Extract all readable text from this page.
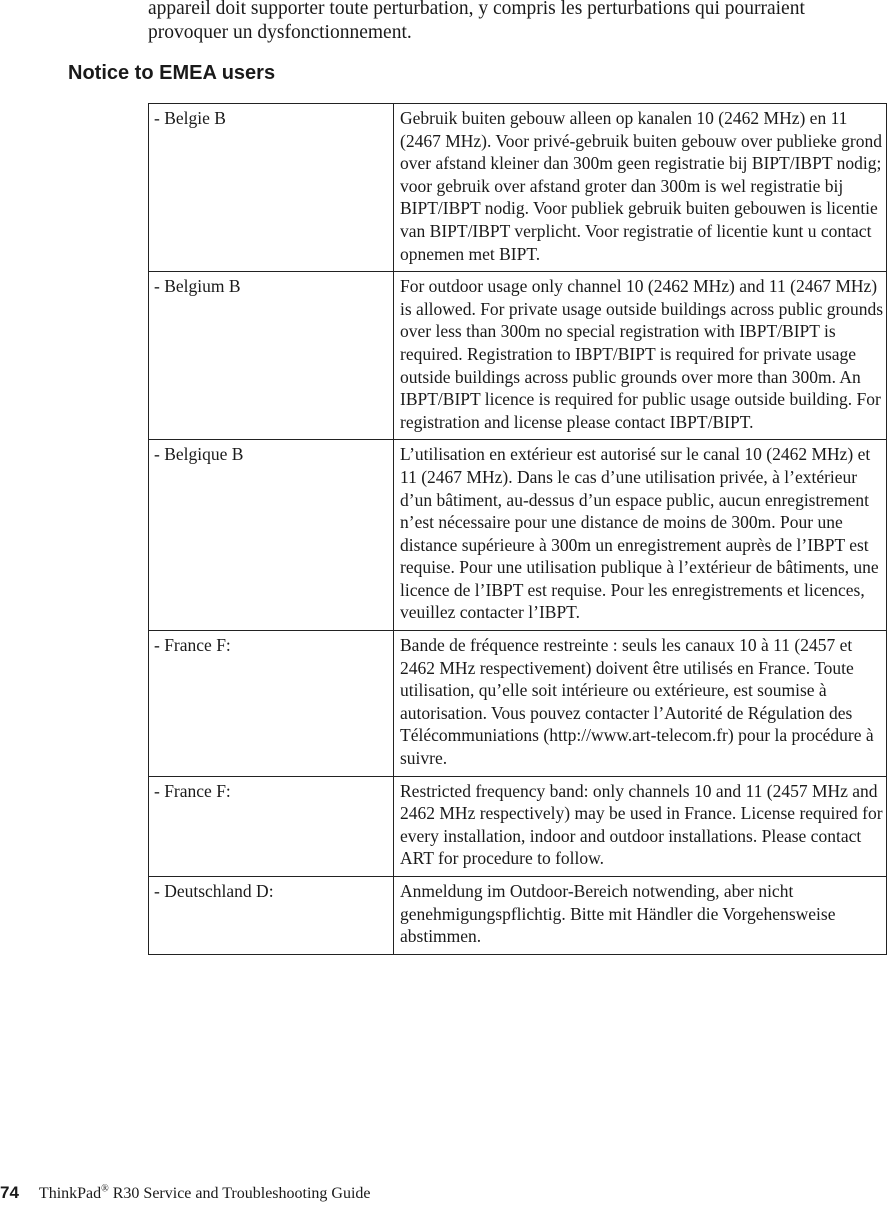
appareil doit supporter toute perturbation, y compris les perturbations qui pourraient provoquer un dysfonctionnement.

Notice to EMEA users
- Belgie B	Gebruik buiten gebouw alleen op kanalen 10 (2462 MHz) en 11 (2467 MHz). Voor privé-gebruik buiten gebouw over publieke grond over afstand kleiner dan 300m geen registratie bij BIPT/IBPT nodig; voor gebruik over afstand groter dan 300m is wel registratie bij BIPT/IBPT nodig. Voor publiek gebruik buiten gebouwen is licentie van BIPT/IBPT verplicht. Voor registratie of licentie kunt u contact opnemen met BIPT.
- Belgium B	For outdoor usage only channel 10 (2462 MHz) and 11 (2467 MHz) is allowed. For private usage outside buildings across public grounds over less than 300m no special registration with IBPT/BIPT is required. Registration to IBPT/BIPT is required for private usage outside buildings across public grounds over more than 300m. An IBPT/BIPT licence is required for public usage outside building. For registration and license please contact IBPT/BIPT.
- Belgique B	L’utilisation en extérieur est autorisé sur le canal 10 (2462 MHz) et 11 (2467 MHz). Dans le cas d’une utilisation privée, à l’extérieur d’un bâtiment, au-dessus d’un espace public, aucun enregistrement n’est nécessaire pour une distance de moins de 300m. Pour une distance supérieure à 300m un enregistrement auprès de l’IBPT est requise. Pour une utilisation publique à l’extérieur de bâtiments, une licence de l’IBPT est requise. Pour les enregistrements et licences, veuillez contacter l’IBPT.
- France F:	Bande de fréquence restreinte : seuls les canaux 10 à 11 (2457 et 2462 MHz respectivement) doivent être utilisés en France. Toute utilisation, qu’elle soit intérieure ou extérieure, est soumise à autorisation. Vous pouvez contacter l’Autorité de Régulation des Télécommuniations (http://www.art-telecom.fr) pour la procédure à suivre.
- France F:	Restricted frequency band: only channels 10 and 11 (2457 MHz and 2462 MHz respectively) may be used in France. License required for every installation, indoor and outdoor installations. Please contact ART for procedure to follow.
- Deutschland D:	Anmeldung im Outdoor-Bereich notwending, aber nicht genehmigungspflichtig. Bitte mit Händler die Vorgehensweise abstimmen.
74 ThinkPad® R30 Service and Troubleshooting Guide
